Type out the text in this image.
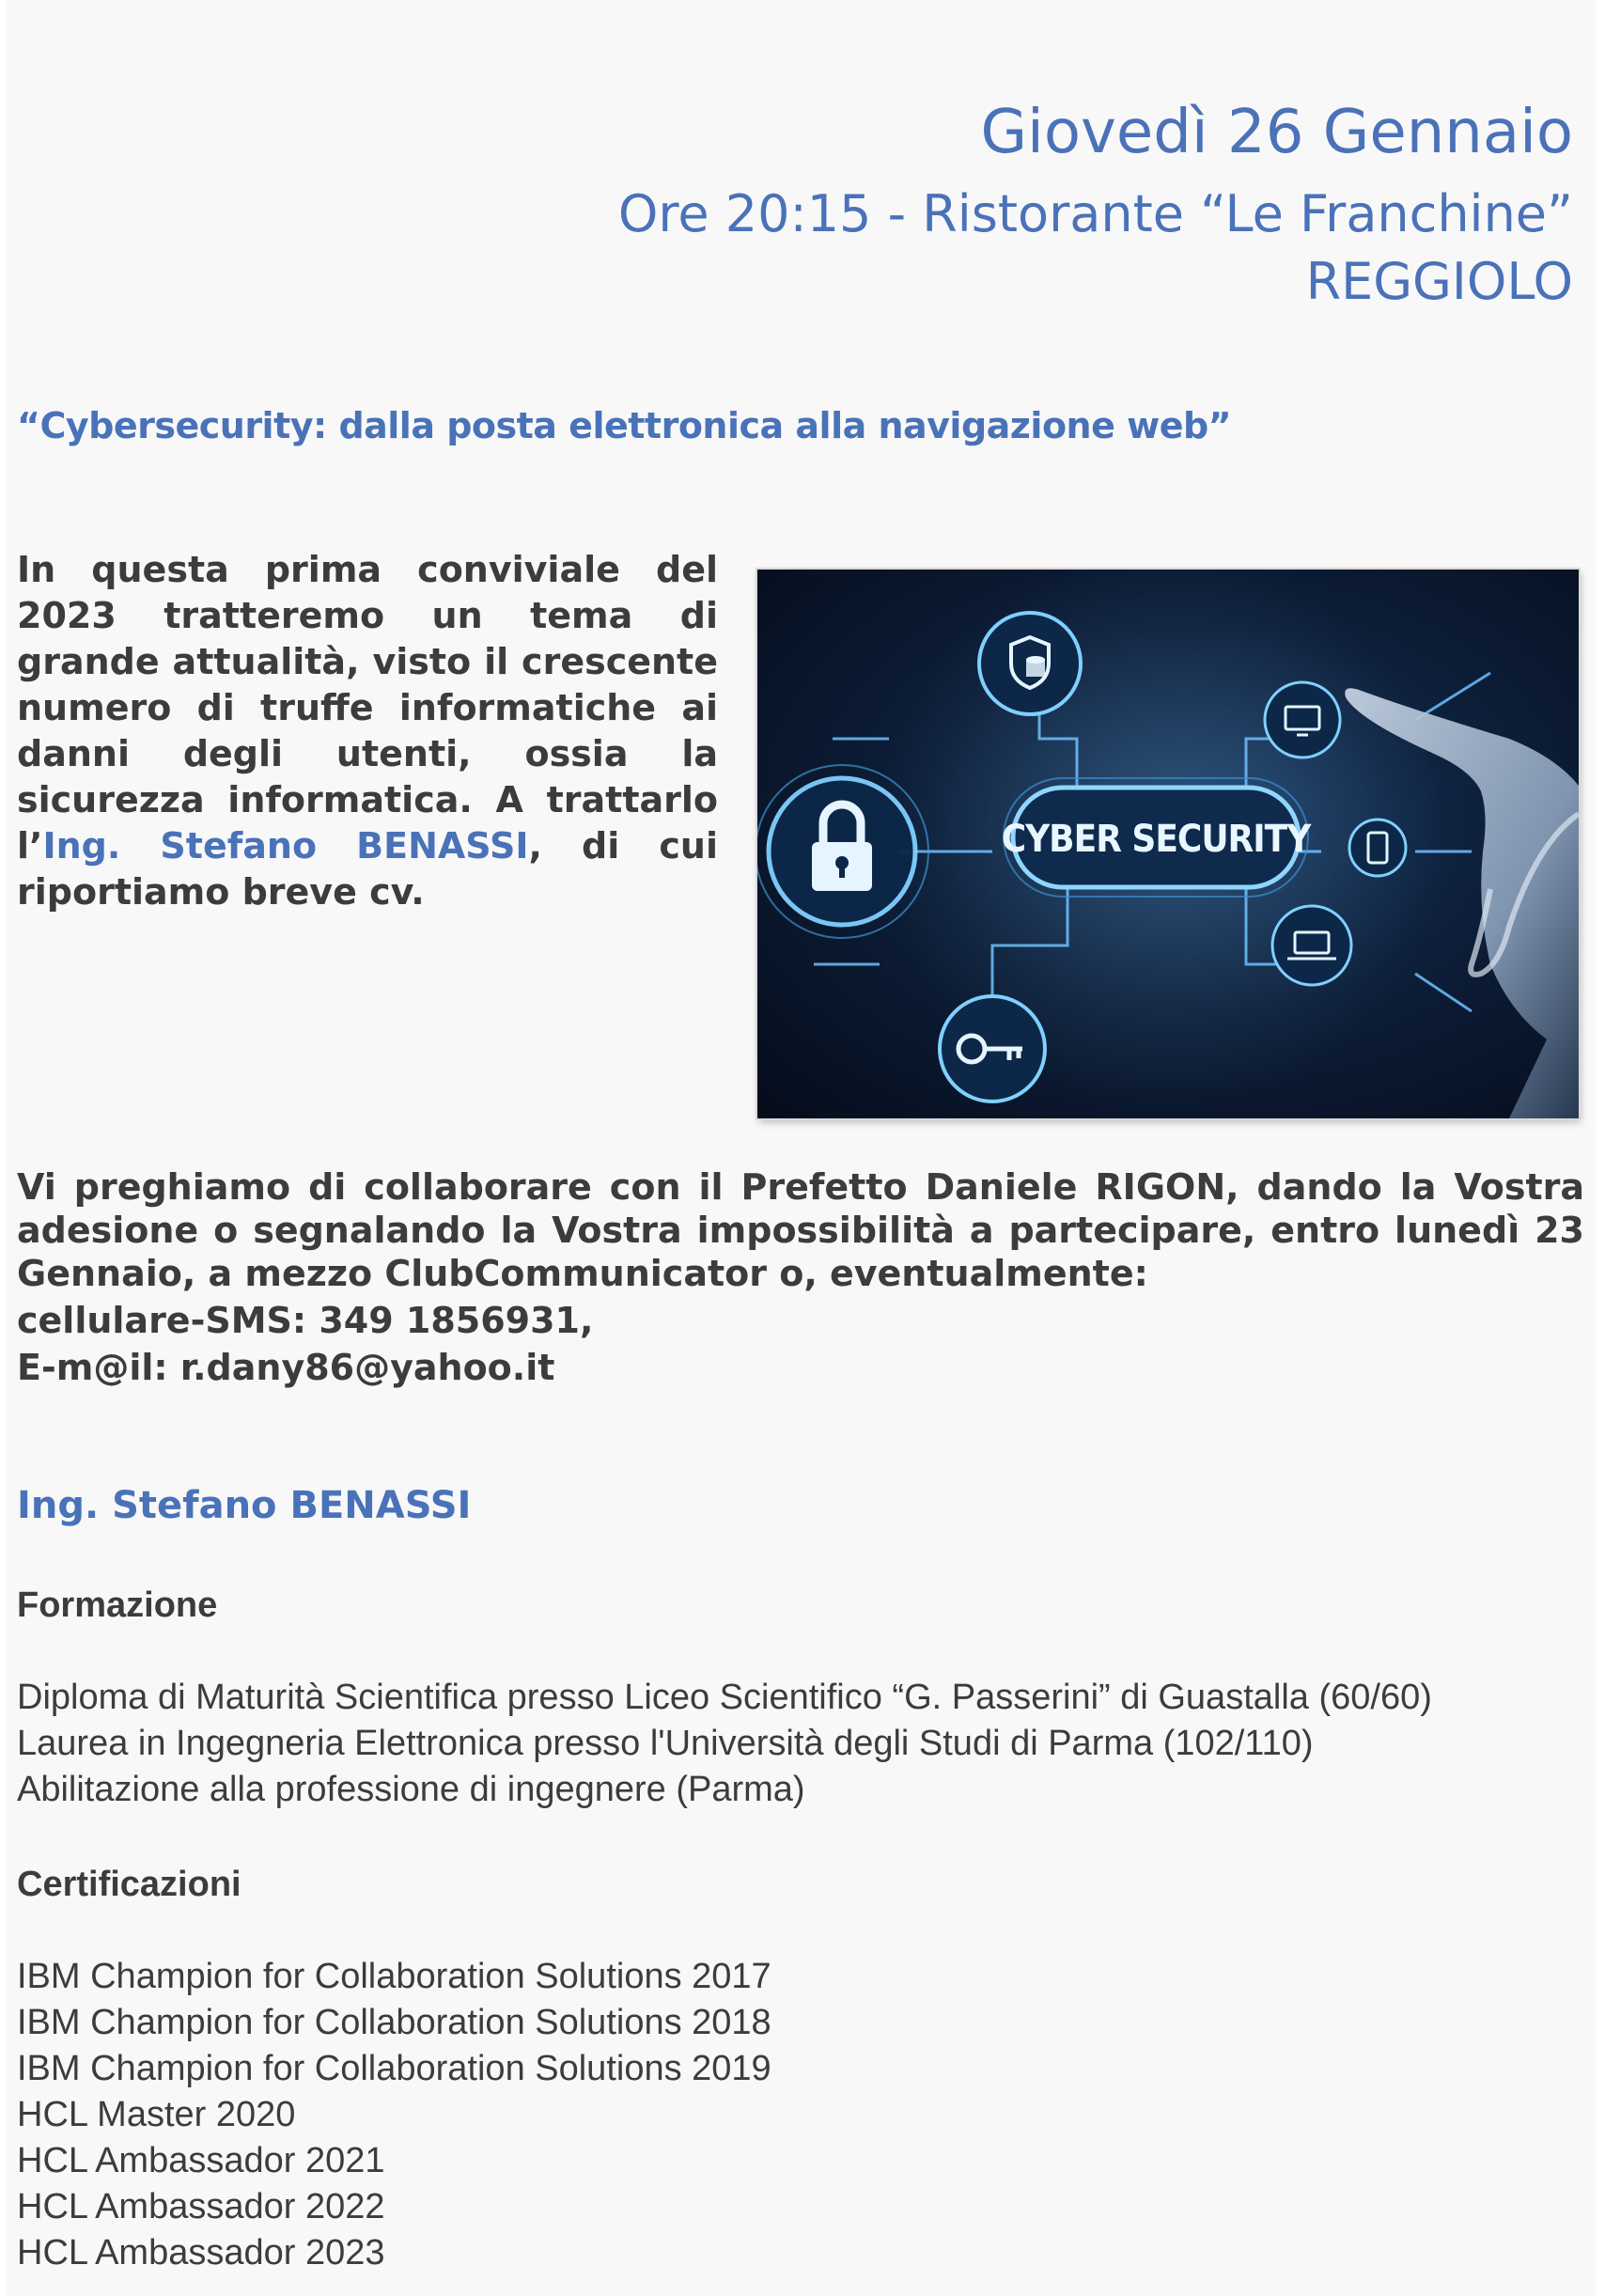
Giovedì 26 Gennaio
Ore 20:15 - Ristorante “Le Franchine”
REGGIOLO
“Cybersecurity: dalla posta elettronica alla navigazione web”
In questa prima conviviale del 2023 tratteremo un tema di grande attualità, visto il crescente numero di truffe informatiche ai danni degli utenti, ossia la sicurezza informatica. A trattarlo l’Ing. Stefano BENASSI, di cui riportiamo breve cv.
CYBER SECURITY
Vi preghiamo di collaborare con il Prefetto Daniele RIGON, dando la Vostra adesione o segnalando la Vostra impossibilità a partecipare, entro lunedì 23 Gennaio, a mezzo ClubCommunicator o, eventualmente:
cellulare-SMS: 349 1856931,
E-m@il: r.dany86@yahoo.it
Ing. Stefano BENASSI

Formazione

Diploma di Maturità Scientifica presso Liceo Scientifico “G. Passerini” di Guastalla (60/60)

Laurea in Ingegneria Elettronica presso l'Università degli Studi di Parma (102/110)

Abilitazione alla professione di ingegnere (Parma)

Certificazioni

IBM Champion for Collaboration Solutions 2017

IBM Champion for Collaboration Solutions 2018

IBM Champion for Collaboration Solutions 2019

HCL Master 2020

HCL Ambassador 2021

HCL Ambassador 2022

HCL Ambassador 2023
